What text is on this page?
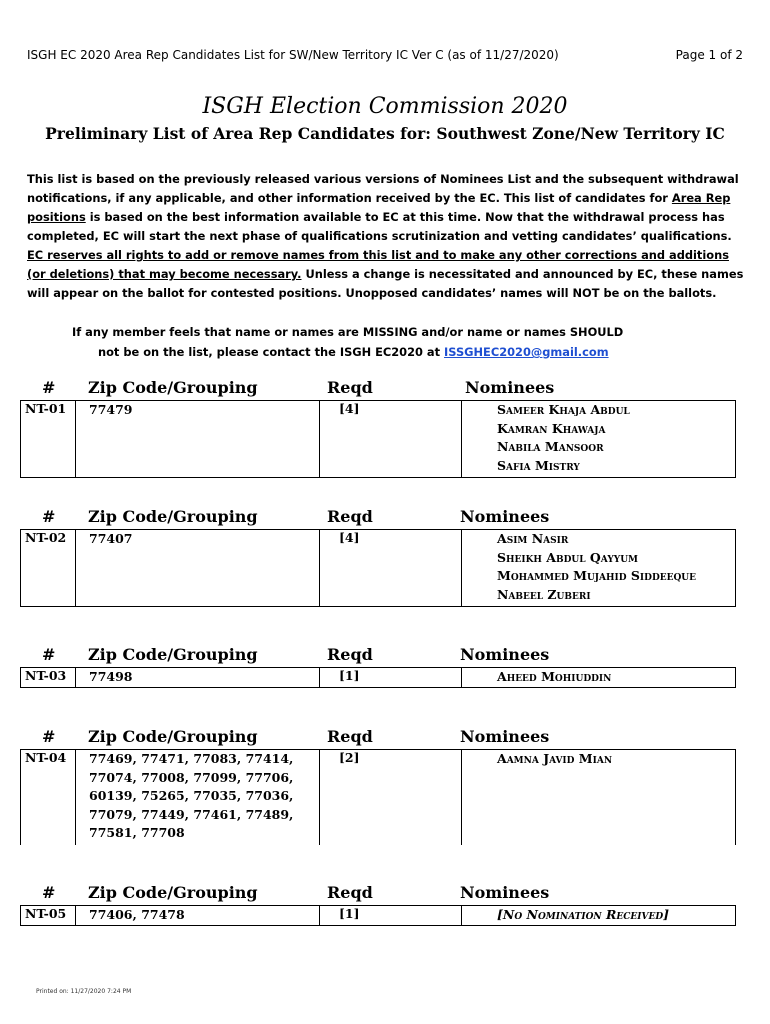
ISGH EC 2020 Area Rep Candidates List for SW/New Territory IC Ver C (as of 11/27/2020)	Page 1 of 2
ISGH Election Commission 2020
Preliminary List of Area Rep Candidates for: Southwest Zone/New Territory IC
This list is based on the previously released various versions of Nominees List and the subsequent withdrawal notifications, if any applicable, and other information received by the EC. This list of candidates for Area Rep positions is based on the best information available to EC at this time. Now that the withdrawal process has completed, EC will start the next phase of qualifications scrutinization and vetting candidates’ qualifications. EC reserves all rights to add or remove names from this list and to make any other corrections and additions (or deletions) that may become necessary. Unless a change is necessitated and announced by EC, these names will appear on the ballot for contested positions. Unopposed candidates’ names will NOT be on the ballots.
If any member feels that name or names are MISSING and/or name or names SHOULD
not be on the list, please contact the ISGH EC2020 at ISSGHEC2020@gmail.com
# Zip Code/Grouping	Reqd	Nominees
NT-01 77479	[4]	Sameer Khaja Abdul
Kamran Khawaja
Nabila Mansoor
Safia Mistry
# Zip Code/Grouping	Reqd	Nominees
NT-02 77407	[4]	Asim Nasir
Sheikh Abdul Qayyum
Mohammed Mujahid Siddeeque
Nabeel Zuberi
# Zip Code/Grouping	Reqd	Nominees
NT-03 77498	[1]	Aheed Mohiuddin
# Zip Code/Grouping	Reqd	Nominees
NT-04 77469, 77471, 77083, 77414,
77074, 77008, 77099, 77706,
60139, 75265, 77035, 77036,
77079, 77449, 77461, 77489,
77581, 77708
[2]	Aamna Javid Mian
# Zip Code/Grouping	Reqd	Nominees
NT-05 77406, 77478	[1]	[No Nomination Received]
Printed on: 11/27/2020 7:24 PM
